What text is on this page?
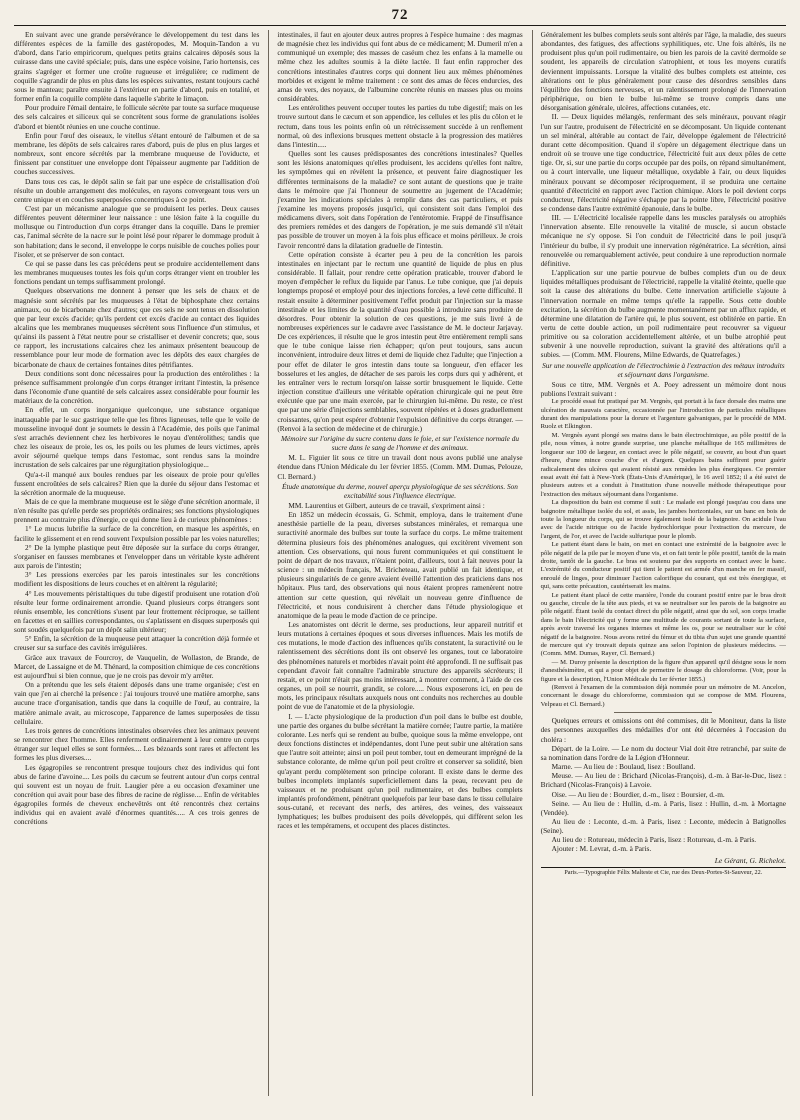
72

En suivant avec une grande persévérance le développement du test dans les différentes espèces de la famille des gastéropodes, M. Moquin-Tandon a vu d'abord, dans l'ario empiricorum, quelques petits grains calcaires déposés sous la cuirasse dans une cavité spéciale; puis, dans une espèce voisine, l'ario hortensis, ces grains s'agréger et former une croûte rugueuse et irrégulière; ce rudiment de coquille s'agrandir de plus en plus dans les espèces suivantes, restant toujours caché sous le manteau; paraître ensuite à l'extérieur en partie d'abord, puis en totalité, et former enfin la coquille complète dans laquelle s'abrite le limaçon.

Pour produire l'émail dentaire, le follicule sécrète par toute sa surface muqueuse des sels calcaires et siliceux qui se concrètent sous forme de granulations isolées d'abord et bientôt réunies en une couche continue.

Enfin pour l'œuf des oiseaux, le vitellus s'étant entouré de l'albumen et de sa membrane, les dépôts de sels calcaires rares d'abord, puis de plus en plus larges et nombreux, sont encore sécrétés par la membrane muqueuse de l'oviducte, et finissent par constituer une enveloppe dont l'épaisseur augmente par l'addition de couches successives.

Dans tous ces cas, le dépôt salin se fait par une espèce de cristallisation d'où résulte un double arrangement des molécules, en rayons convergeant tous vers un centre unique et en couches superposées concentriques à ce point.

C'est par un mécanisme analogue que se produisent les perles. Deux causes différentes peuvent déterminer leur naissance : une lésion faite à la coquille du mollusque ou l'introduction d'un corps étranger dans la coquille. Dans le premier cas, l'animal sécrète de la nacre sur le point lésé pour réparer le dommage produit à son habitation; dans le second, il enveloppe le corps nuisible de couches polies pour l'isoler, et se préserver de son contact.

Ce qui se passe dans les cas précédens peut se produire accidentellement dans les membranes muqueuses toutes les fois qu'un corps étranger vient en troubler les fonctions pendant un temps suffisamment prolongé.

Quelques observations me donnent à penser que les sels de chaux et de magnésie sont sécrétés par les muqueuses à l'état de biphosphate chez certains animaux, ou de bicarbonate chez d'autres; que ces sels ne sont tenus en dissolution que par leur excès d'acide; qu'ils perdent cet excès d'acide au contact des liquides alcalins que les membranes muqueuses sécrètent sous l'influence d'un stimulus, et qu'ainsi ils passent à l'état neutre pour se cristalliser et devenir concrets; que, sous ce rapport, les incrustations calcaires chez les animaux présentent beaucoup de ressemblance pour leur mode de formation avec les dépôts des eaux chargées de bicarbonate de chaux de certaines fontaines dites pétrifiantes.

Deux conditions sont donc nécessaires pour la production des entérolithes : la présence suffisamment prolongée d'un corps étranger irritant l'intestin, la présence dans l'économie d'une quantité de sels calcaires assez considérable pour fournir les matériaux de la concrétion.

En effet, un corps inorganique quelconque, une substance organique inattaquable par le suc gastrique telle que les fibres ligneuses, telle que le voile de mousseline invoqué dont je soumets le dessin à l'Académie, des poils que l'animal s'est arrachés deviennent chez les herbivores le noyau d'entérolithes; tandis que chez les oiseaux de proie, les os, les poils ou les plumes de leurs victimes, après avoir séjourné quelque temps dans l'estomac, sont rendus sans la moindre incrustation de sels calcaires par une régurgitation physiologique...

Qu'a-t-il manqué aux boules rendues par les oiseaux de proie pour qu'elles fussent encroûtées de sels calcaires? Rien que la durée du séjour dans l'estomac et la sécrétion anormale de la muqueuse.

Mais de ce que la membrane muqueuse est le siège d'une sécrétion anormale, il n'en résulte pas qu'elle perde ses propriétés ordinaires; ses fonctions physiologiques prennent au contraire plus d'énergie, ce qui donne lieu à de curieux phénomènes :

1° Le mucus lubrifie la surface de la concrétion, en masque les aspérités, en facilite le glissement et en rend souvent l'expulsion possible par les voies naturelles;

2° De la lymphe plastique peut être déposée sur la surface du corps étranger, s'organiser en fausses membranes et l'envelopper dans un véritable kyste adhérent aux parois de l'intestin;

3° Les pressions exercées par les parois intestinales sur les concrétions modifient les dispositions de leurs couches et en altèrent la régularité;

4° Les mouvements péristaltiques du tube digestif produisent une rotation d'où résulte leur forme ordinairement arrondie. Quand plusieurs corps étrangers sont réunis ensemble, les concrétions s'usent par leur frottement réciproque, se taillent en facettes et en saillies correspondantes, ou s'aplatissent en disques superposés qui sont soudés quelquefois par un dépôt salin ultérieur;

5° Enfin, la sécrétion de la muqueuse peut attaquer la concrétion déjà formée et creuser sur sa surface des cavités irrégulières.

Grâce aux travaux de Fourcroy, de Vauquelin, de Wollaston, de Brande, de Marcet, de Lassaigne et de M. Thénard, la composition chimique de ces concrétions est aujourd'hui si bien connue, que je ne crois pas devoir m'y arrêter.

On a prétendu que les sels étaient déposés dans une trame organisée; c'est en vain que j'en ai cherché la présence : j'ai toujours trouvé une matière amorphe, sans aucune trace d'organisation, tandis que dans la coquille de l'œuf, au contraire, la matière animale avait, au microscope, l'apparence de lames superposées de tissu cellulaire.

Les trois genres de concrétions intestinales observées chez les animaux peuvent se rencontrer chez l'homme. Elles renferment ordinairement à leur centre un corps étranger sur lequel elles se sont formées.... Les bézoards sont rares et affectent les formes les plus diverses....

Les égagropiles se rencontrent presque toujours chez des individus qui font abus de farine d'avoine.... Les poils du cæcum se feutrent autour d'un corps central qui souvent est un noyau de fruit. Laugier père a eu occasion d'examiner une concrétion qui avait pour base des fibres de racine de réglisse.... Enfin de véritables égagropiles formés de cheveux enchevêtrés ont été rencontrés chez certains individus qui en avaient avalé d'énormes quantités..... A ces trois genres de concrétions

intestinales, il faut en ajouter deux autres propres à l'espèce humaine : des magmas de magnésie chez les individus qui font abus de ce médicament; M. Dumeril m'en a communiqué un exemple; des masses de caséum chez les enfans à la mamelle ou même chez les adultes soumis à la diète lactée. Il faut enfin rapprocher des concrétions intestinales d'autres corps qui donnent lieu aux mêmes phénomènes morbides et exigent le même traitement : ce sont des amas de fèces endurcies, des amas de vers, des noyaux, de l'albumine concrète réunis en masses plus ou moins considérables.

Les entérolithes peuvent occuper toutes les parties du tube digestif; mais on les trouve surtout dans le cæcum et son appendice, les cellules et les plis du côlon et le rectum, dans tous les points enfin où un rétrécissement succède à un renflement normal, où des inflexions brusques mettent obstacle à la progression des matières dans l'intestin.....

Quelles sont les causes prédisposantes des concrétions intestinales? Quelles sont les lésions anatomiques qu'elles produisent, les accidens qu'elles font naître, les symptômes qui en révèlent la présence, et peuvent faire diagnostiquer les différentes terminaisons de la maladie? ce sont autant de questions que je traite dans le mémoire que j'ai l'honneur de soumettre au jugement de l'Académie; j'examine les indications spéciales à remplir dans des cas particuliers, et puis j'examine les moyens proposés jusqu'ici, qui consistent soit dans l'emploi des médicamens divers, soit dans l'opération de l'entérotomie. Frappé de l'insuffisance des premiers remèdes et des dangers de l'opération, je me suis demandé s'il n'était pas possible de trouver un moyen à la fois plus efficace et moins périlleux. Je crois l'avoir rencontré dans la dilatation graduelle de l'intestin.

Cette opération consiste à écarter peu à peu de la concrétion les parois intestinales en injectant par le rectum une quantité de liquide de plus en plus considérable. Il fallait, pour rendre cette opération praticable, trouver d'abord le moyen d'empêcher le reflux du liquide par l'anus. Le tube conique, que j'ai depuis longtemps proposé et employé pour des injections forcées, a levé cette difficulté. Il restait ensuite à déterminer positivement l'effet produit par l'injection sur la masse intestinale et les limites de la quantité d'eau possible à introduire sans produire de désordres. Pour obtenir la solution de ces questions, je me suis livré à de nombreuses expériences sur le cadavre avec l'assistance de M. le docteur Jarjavay. De ces expériences, il résulte que le gros intestin peut être entièrement rempli sans que le tube conique laisse rien échapper; qu'on peut toujours, sans aucun inconvénient, introduire deux litres et demi de liquide chez l'adulte; que l'injection a pour effet de dilater le gros intestin dans toute sa longueur, d'en effacer les bosselures et les angles, de détacher de ses parois les corps durs qui y adhèrent, et les entraîner vers le rectum lorsqu'on laisse sortir brusquement le liquide. Cette injection constitue d'ailleurs une véritable opération chirurgicale qui ne peut être exécutée que par une main exercée, par le chirurgien lui-même. Du reste, ce n'est que par une série d'injections semblables, souvent répétées et à doses graduellement croissantes, qu'on peut espérer d'obtenir l'expulsion définitive du corps étranger. — (Renvoi à la section de médecine et de chirurgie.)

Mémoire sur l'origine du sucre contenu dans le foie, et sur l'existence normale du sucre dans le sang de l'homme et des animaux.

M. L. Figuier lit sous ce titre un travail dont nous avons publié une analyse étendue dans l'Union Médicale du 1er février 1855. (Comm. MM. Dumas, Pelouze, Cl. Bernard.)

Étude anatomique du derme, nouvel aperçu physiologique de ses sécrétions. Son excitabilité sous l'influence électrique.

MM. Laurentius et Gilbert, auteurs de ce travail, s'expriment ainsi :

En 1852 un médecin écossais, G. Schmit, employa, dans le traitement d'une anesthésie partielle de la peau, diverses substances minérales, et remarqua une suractivité anormale des bulbes sur toute la surface du corps. Le même traitement détermina plusieurs fois des phénomènes analogues, qui excitèrent vivement son attention. Ces observations, qui nous furent communiquées et qui constituent le point de départ de nos travaux, n'étaient point, d'ailleurs, tout à fait neuves pour la science : un médecin français, M. Bricheteau, avait publié un fait identique, et plusieurs singularités de ce genre avaient éveillé l'attention des praticiens dans nos hôpitaux. Plus tard, des observations qui nous étaient propres ramenèrent notre attention sur cette question, qui révélait un nouveau genre d'influence de l'électricité, et nous conduisirent à chercher dans l'étude physiologique et anatomique de la peau le mode d'action de ce principe.

Les anatomistes ont décrit le derme, ses productions, leur appareil nutritif et leurs mutations à certaines époques et sous diverses influences. Mais les motifs de ces mutations, le mode d'action des influences qu'ils constatent, la suractivité ou le ralentissement des sécrétions dont ils ont observé les organes, tout ce laboratoire des phénomènes naturels et morbides n'avait point été approfondi. Il ne suffisait pas cependant d'avoir fait connaître l'admirable structure des appareils sécréteurs; il restait, et ce point n'était pas moins intéressant, à montrer comment, à l'aide de ces organes, un poil se nourrit, grandit, se colore..... Nous exposerons ici, en peu de mots, les principaux résultats auxquels nous ont conduits nos recherches au double point de vue de l'anatomie et de la physiologie.

I. — L'acte physiologique de la production d'un poil dans le bulbe est double, une partie des organes du bulbe sécrétant la matière cornée; l'autre partie, la matière colorante. Les nerfs qui se rendent au bulbe, quoique sous la même enveloppe, ont deux fonctions distinctes et indépendantes, dont l'une peut subir une altération sans que l'autre soit atteinte; ainsi un poil peut tomber, tout en demeurant imprégné de la substance colorante, de même qu'un poil peut croître et conserver sa solidité, bien qu'ayant perdu complètement son principe colorant. Il existe dans le derme des bulbes incomplets implantés superficiellement dans la peau, recevant peu de vaisseaux et ne produisant qu'un poil rudimentaire, et des bulbes complets implantés profondément, pénétrant quelquefois par leur base dans le tissu cellulaire sous-cutané, et recevant des nerfs, des artères, des veines, des vaisseaux lymphatiques; les bulbes produisent des poils développés, qui diffèrent selon les races et les tempéramens, et occupent des places distinctes.

Généralement les bulbes complets seuls sont altérés par l'âge, la maladie, des sueurs abondantes, des fatigues, des affections syphilitiques, etc. Une fois altérés, ils ne produisent plus qu'un poil rudimentaire, ou bien les parois de la cavité dermoïde se soudent, les appareils de circulation s'atrophient, et tous les moyens curatifs deviennent impuissants. Lorsque la vitalité des bulbes complets est atteinte, ces altérations ont le plus généralement pour cause des désordres sensibles dans l'équilibre des fonctions nerveuses, et un ralentissement prolongé de l'innervation périphérique, ou bien le bulbe lui-même se trouve compris dans une désorganisation générale, ulcères, affections cutanées, etc.

II. — Deux liquides mélangés, renfermant des sels minéraux, pouvant réagir l'un sur l'autre, produisent de l'électricité en se décomposant. Un liquide contenant un sel minéral, altérable au contact de l'air, développe également de l'électricité durant cette décomposition. Quand il s'opère un dégagement électrique dans un endroit où se trouve une tige conductrice, l'électricité fuit aux deux pôles de cette tige. Or, si, sur une partie du corps occupée par des poils, on répand simultanément, ou à court intervalle, une liqueur métallique, oxydable à l'air, ou deux liquides minéraux pouvant se décomposer réciproquement, il se produira une certaine quantité d'électricité en rapport avec l'action chimique. Alors le poil devient corps conducteur, l'électricité négative s'échappe par la pointe libre, l'électricité positive se condense dans l'autre extrémité épanouie, dans le bulbe.

III. — L'électricité localisée rappelle dans les muscles paralysés ou atrophiés l'innervation absente. Elle renouvelle la vitalité de muscle, si aucun obstacle mécanique ne s'y oppose. Si l'on conduit de l'électricité dans le poil jusqu'à l'intérieur du bulbe, il s'y produit une innervation régénératrice. La sécrétion, ainsi renouvelée ou remarquablement activée, peut conduire à une reproduction normale définitive.

L'application sur une partie pourvue de bulbes complets d'un ou de deux liquides métalliques produisant de l'électricité, rappelle la vitalité éteinte, quelle que soit la cause des altérations du bulbe. Cette innervation artificielle s'ajoute à l'innervation normale en même temps qu'elle la rappelle. Sous cette double excitation, la sécrétion du bulbe augmente momentanément par un afflux rapide, et détermine une dilatation de l'artère qui, le plus souvent, est oblitérée en partie. En vertu de cette double action, un poil rudimentaire peut recouvrer sa vigueur primitive ou sa coloration accidentellement altérée, et un bulbe atrophié peut subvenir à une nouvelle reproduction, suivant la gravité des altérations qu'il a subies. — (Comm. MM. Flourens, Milne Edwards, de Quatrefages.)

Sur une nouvelle application de l'électrochimie à l'extraction des métaux introduits et séjournant dans l'organisme.

Sous ce titre, MM. Vergnès et A. Poey adressent un mémoire dont nous publions l'extrait suivant :

Le procédé essai fut pratiqué par M. Vergnès, qui portait à la face dorsale des mains une ulcération de mauvais caractère, occasionnée par l'introduction de particules métalliques durant des manipulations pour la dorure et l'argenture galvaniques, par le procédé de MM. Ruolz et Elkington.

M. Vergnès ayant plongé ses mains dans le bain électrochimique, au pôle positif de la pile, nous vîmes, à notre grande surprise, une planche métallique de 165 millimètres de longueur sur 100 de largeur, en contact avec le pôle négatif, se couvrir, au bout d'un quart d'heure, d'une mince couche d'or et d'argent. Quelques bains suffirent pour guérir radicalement des ulcères qui avaient résisté aux remèdes les plus énergiques. Ce premier essai avait été fait à New-York (États-Unis d'Amérique), le 16 avril 1852; il a été suivi de plusieurs autres et a conduit à l'institution d'une nouvelle méthode thérapeutique pour l'extraction des métaux séjournant dans l'organisme.

La disposition du bain est comme il suit : Le malade est plongé jusqu'au cou dans une baignoire métallique isolée du sol, et assis, les jambes horizontales, sur un banc en bois de toute la longueur du corps, qui se trouve également isolé de la baignoire. On acidule l'eau avec de l'acide nitrique ou de l'acide hydrochlorique pour l'extraction du mercure, de l'argent, de l'or, et avec de l'acide sulfurique pour le plomb.

Le patient étant dans le bain, on met en contact une extrémité de la baignoire avec le pôle négatif de la pile par le moyen d'une vis, et on fait tenir le pôle positif, tantôt de la main droite, tantôt de la gauche. Le bras est soutenu par des supports en contact avec le banc. L'extrémité du conducteur positif qui tient le patient est armée d'un manche en fer massif, enroulé de linges, pour diminuer l'action calorifique du courant, qui est très énergique, et qui, sans cette précaution, cautériserait les mains.

Le patient étant placé de cette manière, l'onde du courant positif entre par le bras droit ou gauche, circule de la tête aux pieds, et va se neutraliser sur les parois de la baignoire au pôle négatif. Étant isolé du contact direct du pôle négatif, ainsi que du sol, son corps irradie dans le bain l'électricité qui y forme une multitude de courants sortant de toute la surface, après avoir traversé les organes internes et même les os, pour se neutraliser sur le côté négatif de la baignoire. Nous avons retiré du fémur et du tibia d'un sujet une grande quantité de mercure qui s'y trouvait depuis quinze ans selon l'opinion de plusieurs médecins. — (Comm. MM. Dumas, Rayer, Cl. Bernard.)

— M. Duroy présente la description de la figure d'un appareil qu'il désigne sous le nom d'anesthésimètre, et qui a pour objet de permettre le dosage du chloroforme. (Voir, pour la figure et la description, l'Union Médicale du 1er février 1855.)

(Renvoi à l'examen de la commission déjà nommée pour un mémoire de M. Ancelon, concernant le dosage du chloroforme, commission qui se compose de MM. Flourens, Velpeau et Cl. Bernard.)

Quelques erreurs et omissions ont été commises, dit le Moniteur, dans la liste des personnes auxquelles des médailles d'or ont été décernées à l'occasion du choléra :

Départ. de la Loire. — Le nom du docteur Vial doit être retranché, par suite de sa nomination dans l'ordre de la Légion d'Honneur.
Marne. — Au lieu de : Boulaud, lisez : Boulland.
Meuse. — Au lieu de : Brichard (Nicolas-François), d.-m. à Bar-le-Duc, lisez : Brichard (Nicolas-François) à Lavoie.
Oise. — Au lieu de : Bourdier, d.-m., lisez : Boursier, d.-m.
Seine. — Au lieu de : Hullin, d.-m. à Paris, lisez : Hullin, d.-m. à Mortagne (Vendée).
Au lieu de : Leconte, d.-m. à Paris, lisez : Leconte, médecin à Batignolles (Seine).
Au lieu de : Rotureau, médecin à Paris, lisez : Rotureau, d.-m. à Paris.
Ajouter : M. Levrat, d.-m. à Paris.
Le Gérant, G. Richelot.
Paris.—Typographie Félix Malteste et Cie, rue des Deux-Portes-St-Sauveur, 22.
